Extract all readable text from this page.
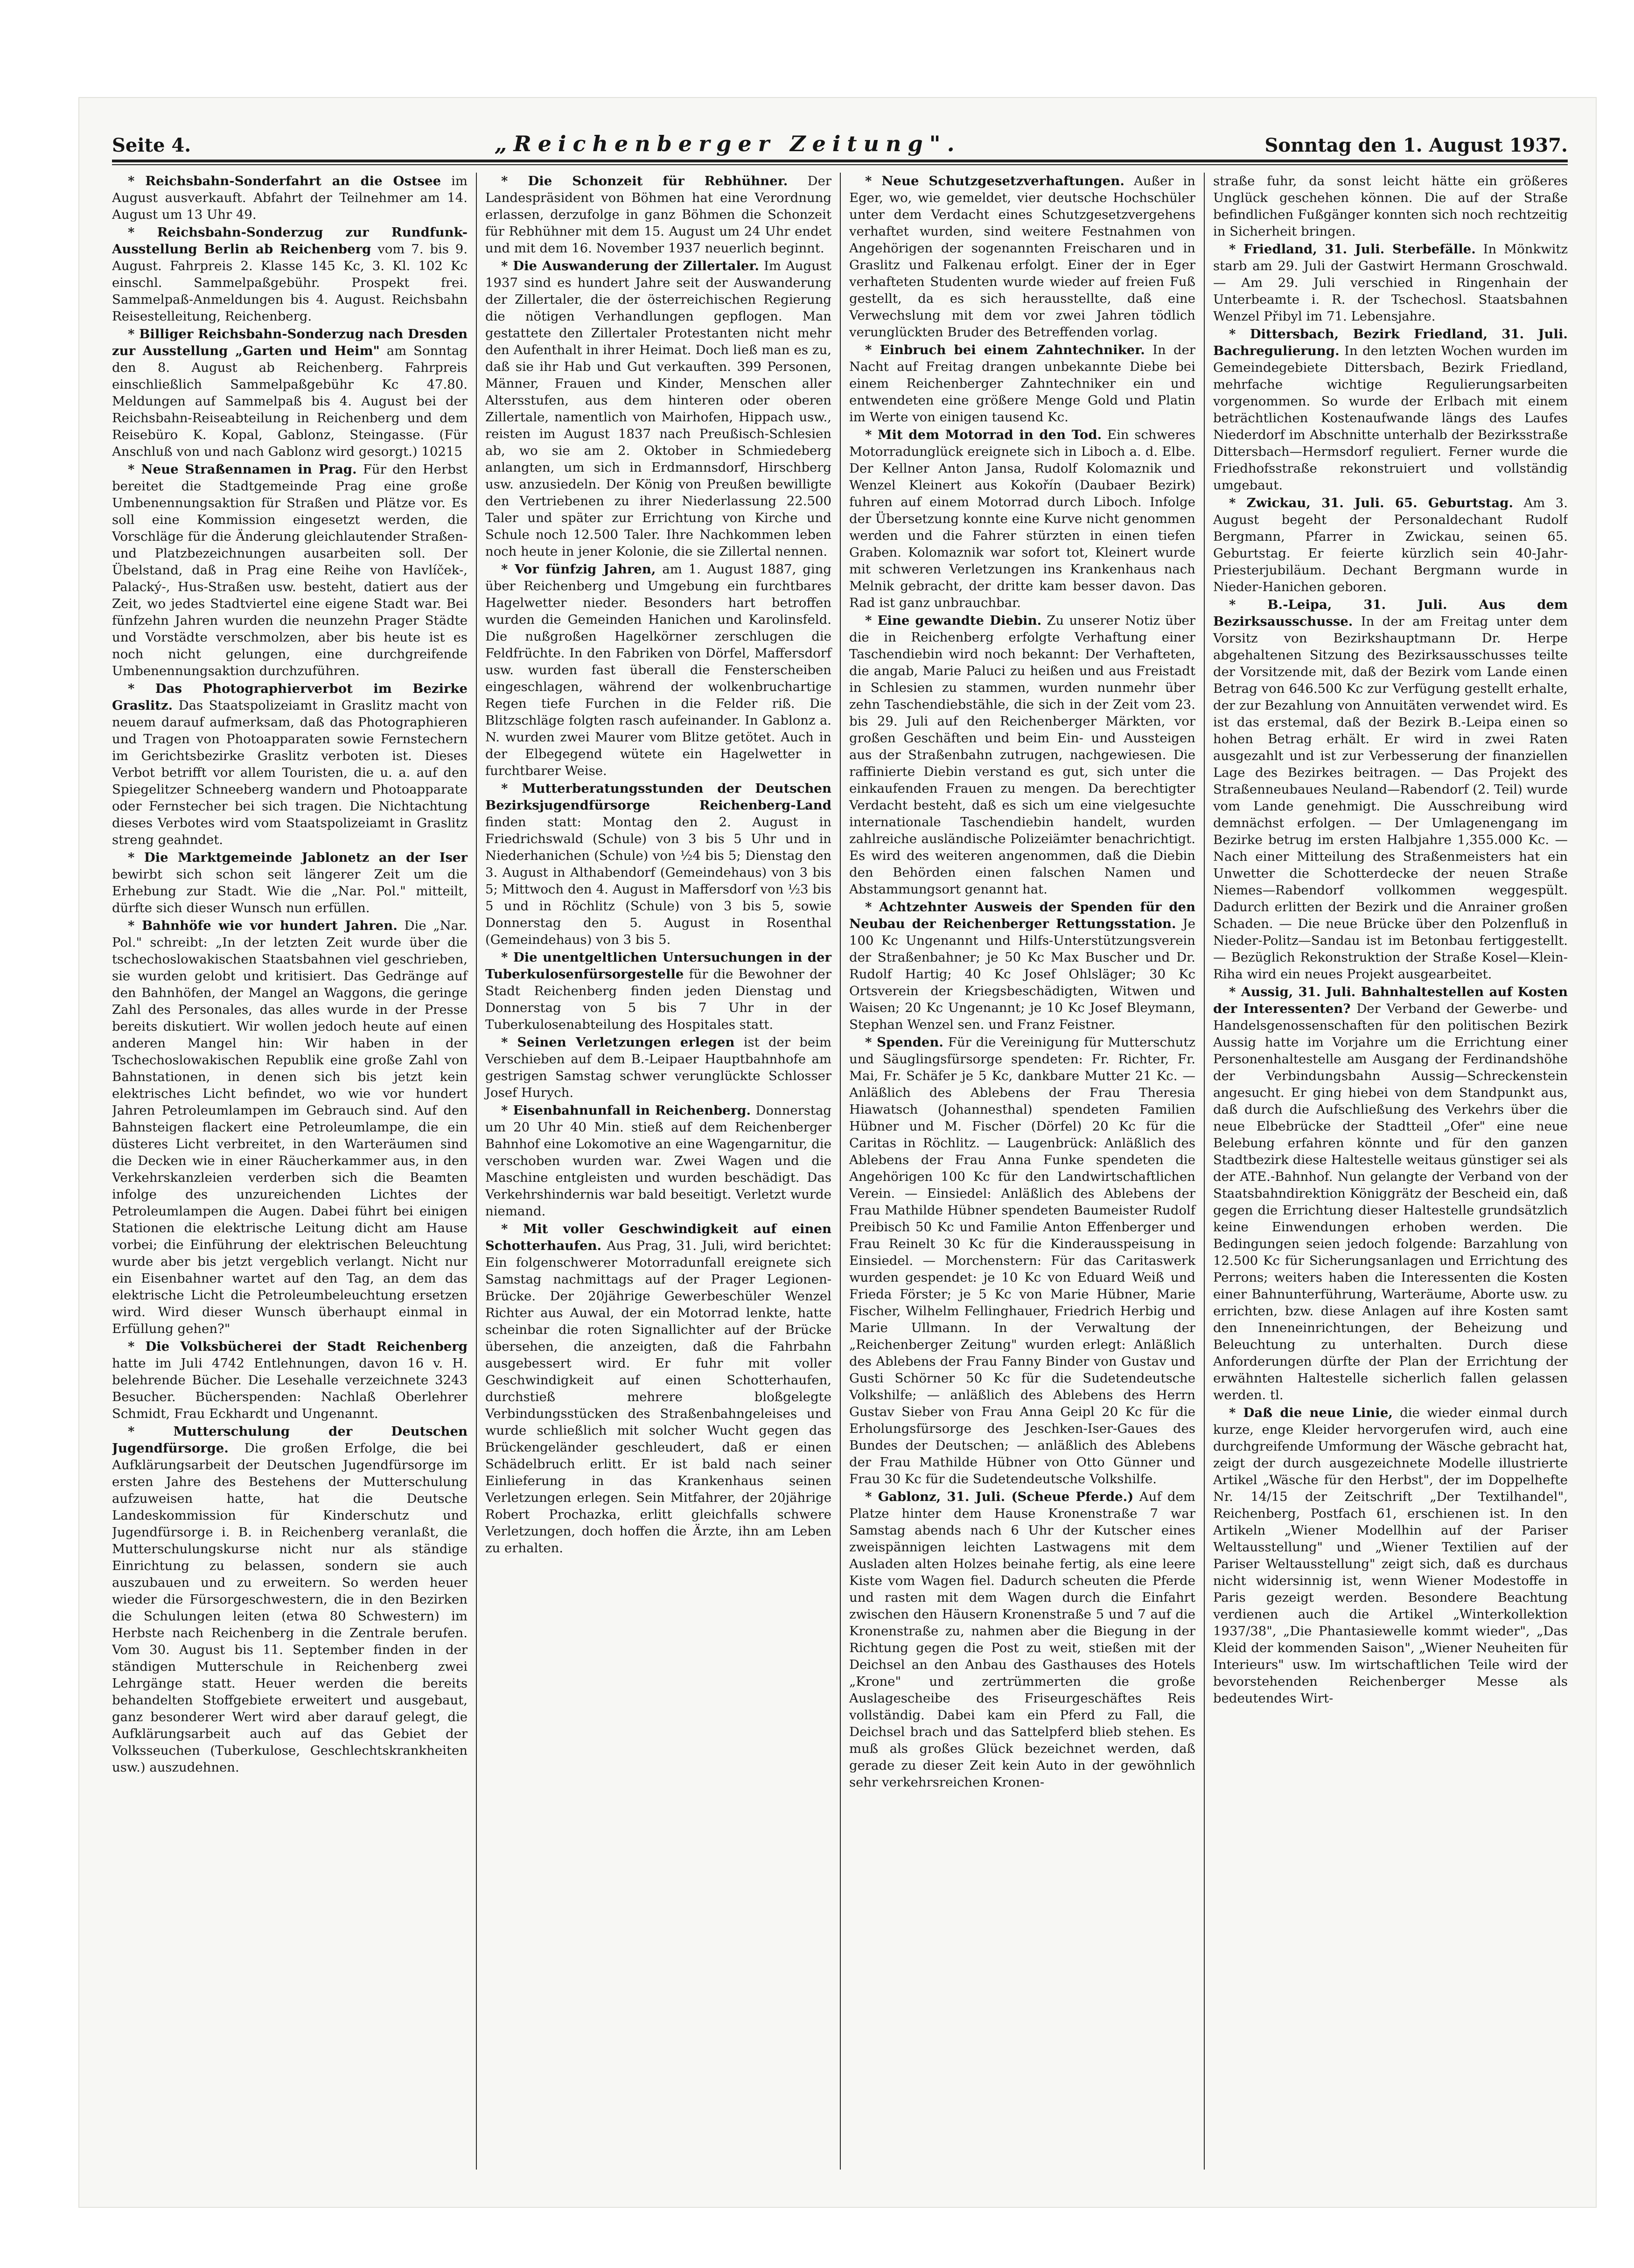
Seite 4.	„Reichenberger Zeitung".	Sonntag den 1. August 1937.

* Reichsbahn-Sonderfahrt an die Ostsee im August ausverkauft. Abfahrt der Teilnehmer am 14. August um 13 Uhr 49.

* Reichsbahn-Sonderzug zur Rundfunk-Ausstellung Berlin ab Reichenberg vom 7. bis 9. August. Fahrpreis 2. Klasse 145 Kc, 3. Kl. 102 Kc einschl. Sammelpaßgebühr. Prospekt frei. Sammelpaß-Anmeldungen bis 4. August. Reichsbahn Reisestelleitung, Reichenberg.

* Billiger Reichsbahn-Sonderzug nach Dresden zur Ausstellung „Garten und Heim" am Sonntag den 8. August ab Reichenberg. Fahrpreis einschließlich Sammelpaßgebühr Kc 47.80. Meldungen auf Sammelpaß bis 4. August bei der Reichsbahn-Reiseabteilung in Reichenberg und dem Reisebüro K. Kopal, Gablonz, Steingasse. (Für Anschluß von und nach Gablonz wird gesorgt.) 10215

* Neue Straßennamen in Prag. Für den Herbst bereitet die Stadtgemeinde Prag eine große Umbenennungsaktion für Straßen und Plätze vor. Es soll eine Kommission eingesetzt werden, die Vorschläge für die Änderung gleichlautender Straßen- und Platzbezeichnungen ausarbeiten soll. Der Übelstand, daß in Prag eine Reihe von Havlíček-, Palacký-, Hus-Straßen usw. besteht, datiert aus der Zeit, wo jedes Stadtviertel eine eigene Stadt war. Bei fünfzehn Jahren wurden die neunzehn Prager Städte und Vorstädte verschmolzen, aber bis heute ist es noch nicht gelungen, eine durchgreifende Umbenennungsaktion durchzuführen.

* Das Photographierverbot im Bezirke Graslitz. Das Staatspolizeiamt in Graslitz macht von neuem darauf aufmerksam, daß das Photographieren und Tragen von Photoapparaten sowie Fernstechern im Gerichtsbezirke Graslitz verboten ist. Dieses Verbot betrifft vor allem Touristen, die u. a. auf den Spiegelitzer Schneeberg wandern und Photoapparate oder Fernstecher bei sich tragen. Die Nichtachtung dieses Verbotes wird vom Staatspolizeiamt in Graslitz streng geahndet.

* Die Marktgemeinde Jablonetz an der Iser bewirbt sich schon seit längerer Zeit um die Erhebung zur Stadt. Wie die „Nar. Pol." mitteilt, dürfte sich dieser Wunsch nun erfüllen.

* Bahnhöfe wie vor hundert Jahren. Die „Nar. Pol." schreibt: „In der letzten Zeit wurde über die tschechoslowakischen Staatsbahnen viel geschrieben, sie wurden gelobt und kritisiert. Das Gedränge auf den Bahnhöfen, der Mangel an Waggons, die geringe Zahl des Personales, das alles wurde in der Presse bereits diskutiert. Wir wollen jedoch heute auf einen anderen Mangel hin: Wir haben in der Tschechoslowakischen Republik eine große Zahl von Bahnstationen, in denen sich bis jetzt kein elektrisches Licht befindet, wo wie vor hundert Jahren Petroleumlampen im Gebrauch sind. Auf den Bahnsteigen flackert eine Petroleumlampe, die ein düsteres Licht verbreitet, in den Warteräumen sind die Decken wie in einer Räucherkammer aus, in den Verkehrskanzleien verderben sich die Beamten infolge des unzureichenden Lichtes der Petroleumlampen die Augen. Dabei führt bei einigen Stationen die elektrische Leitung dicht am Hause vorbei; die Einführung der elektrischen Beleuchtung wurde aber bis jetzt vergeblich verlangt. Nicht nur ein Eisenbahner wartet auf den Tag, an dem das elektrische Licht die Petroleumbeleuchtung ersetzen wird. Wird dieser Wunsch überhaupt einmal in Erfüllung gehen?"

* Die Volksbücherei der Stadt Reichenberg hatte im Juli 4742 Entlehnungen, davon 16 v. H. belehrende Bücher. Die Lesehalle verzeichnete 3243 Besucher. Bücherspenden: Nachlaß Oberlehrer Schmidt, Frau Eckhardt und Ungenannt.

* Mutterschulung der Deutschen Jugendfürsorge. Die großen Erfolge, die bei Aufklärungsarbeit der Deutschen Jugendfürsorge im ersten Jahre des Bestehens der Mutterschulung aufzuweisen hatte, hat die Deutsche Landeskommission für Kinderschutz und Jugendfürsorge i. B. in Reichenberg veranlaßt, die Mutterschulungskurse nicht nur als ständige Einrichtung zu belassen, sondern sie auch auszubauen und zu erweitern. So werden heuer wieder die Fürsorgeschwestern, die in den Bezirken die Schulungen leiten (etwa 80 Schwestern) im Herbste nach Reichenberg in die Zentrale berufen. Vom 30. August bis 11. September finden in der ständigen Mutterschule in Reichenberg zwei Lehrgänge statt. Heuer werden die bereits behandelten Stoffgebiete erweitert und ausgebaut, ganz besonderer Wert wird aber darauf gelegt, die Aufklärungsarbeit auch auf das Gebiet der Volksseuchen (Tuberkulose, Geschlechtskrankheiten usw.) auszudehnen.

* Die Schonzeit für Rebhühner. Der Landespräsident von Böhmen hat eine Verordnung erlassen, derzufolge in ganz Böhmen die Schonzeit für Rebhühner mit dem 15. August um 24 Uhr endet und mit dem 16. November 1937 neuerlich beginnt.

* Die Auswanderung der Zillertaler. Im August 1937 sind es hundert Jahre seit der Auswanderung der Zillertaler, die der österreichischen Regierung die nötigen Verhandlungen gepflogen. Man gestattete den Zillertaler Protestanten nicht mehr den Aufenthalt in ihrer Heimat. Doch ließ man es zu, daß sie ihr Hab und Gut verkauften. 399 Personen, Männer, Frauen und Kinder, Menschen aller Altersstufen, aus dem hinteren oder oberen Zillertale, namentlich von Mairhofen, Hippach usw., reisten im August 1837 nach Preußisch-Schlesien ab, wo sie am 2. Oktober in Schmiedeberg anlangten, um sich in Erdmannsdorf, Hirschberg usw. anzusiedeln. Der König von Preußen bewilligte den Vertriebenen zu ihrer Niederlassung 22.500 Taler und später zur Errichtung von Kirche und Schule noch 12.500 Taler. Ihre Nachkommen leben noch heute in jener Kolonie, die sie Zillertal nennen.

* Vor fünfzig Jahren, am 1. August 1887, ging über Reichenberg und Umgebung ein furchtbares Hagelwetter nieder. Besonders hart betroffen wurden die Gemeinden Hanichen und Karolinsfeld. Die nußgroßen Hagelkörner zerschlugen die Feldfrüchte. In den Fabriken von Dörfel, Maffersdorf usw. wurden fast überall die Fensterscheiben eingeschlagen, während der wolkenbruchartige Regen tiefe Furchen in die Felder riß. Die Blitzschläge folgten rasch aufeinander. In Gablonz a. N. wurden zwei Maurer vom Blitze getötet. Auch in der Elbegegend wütete ein Hagelwetter in furchtbarer Weise.

* Mutterberatungsstunden der Deutschen Bezirksjugendfürsorge Reichenberg-Land finden statt: Montag den 2. August in Friedrichswald (Schule) von 3 bis 5 Uhr und in Niederhanichen (Schule) von ½4 bis 5; Dienstag den 3. August in Althabendorf (Gemeindehaus) von 3 bis 5; Mittwoch den 4. August in Maffersdorf von ½3 bis 5 und in Röchlitz (Schule) von 3 bis 5, sowie Donnerstag den 5. August in Rosenthal (Gemeindehaus) von 3 bis 5.

* Die unentgeltlichen Untersuchungen in der Tuberkulosenfürsorgestelle für die Bewohner der Stadt Reichenberg finden jeden Dienstag und Donnerstag von 5 bis 7 Uhr in der Tuberkulosenabteilung des Hospitales statt.

* Seinen Verletzungen erlegen ist der beim Verschieben auf dem B.-Leipaer Hauptbahnhofe am gestrigen Samstag schwer verunglückte Schlosser Josef Hurych.

* Eisenbahnunfall in Reichenberg. Donnerstag um 20 Uhr 40 Min. stieß auf dem Reichenberger Bahnhof eine Lokomotive an eine Wagengarnitur, die verschoben wurden war. Zwei Wagen und die Maschine entgleisten und wurden beschädigt. Das Verkehrshindernis war bald beseitigt. Verletzt wurde niemand.

* Mit voller Geschwindigkeit auf einen Schotterhaufen. Aus Prag, 31. Juli, wird berichtet: Ein folgenschwerer Motorradunfall ereignete sich Samstag nachmittags auf der Prager Legionen-Brücke. Der 20jährige Gewerbeschüler Wenzel Richter aus Auwal, der ein Motorrad lenkte, hatte scheinbar die roten Signallichter auf der Brücke übersehen, die anzeigten, daß die Fahrbahn ausgebessert wird. Er fuhr mit voller Geschwindigkeit auf einen Schotterhaufen, durchstieß mehrere bloßgelegte Verbindungsstücken des Straßenbahngeleises und wurde schließlich mit solcher Wucht gegen das Brückengeländer geschleudert, daß er einen Schädelbruch erlitt. Er ist bald nach seiner Einlieferung in das Krankenhaus seinen Verletzungen erlegen. Sein Mitfahrer, der 20jährige Robert Prochazka, erlitt gleichfalls schwere Verletzungen, doch hoffen die Ärzte, ihn am Leben zu erhalten.

* Neue Schutzgesetzverhaftungen. Außer in Eger, wo, wie gemeldet, vier deutsche Hochschüler unter dem Verdacht eines Schutzgesetzvergehens verhaftet wurden, sind weitere Festnahmen von Angehörigen der sogenannten Freischaren und in Graslitz und Falkenau erfolgt. Einer der in Eger verhafteten Studenten wurde wieder auf freien Fuß gestellt, da es sich herausstellte, daß eine Verwechslung mit dem vor zwei Jahren tödlich verunglückten Bruder des Betreffenden vorlag.

* Einbruch bei einem Zahntechniker. In der Nacht auf Freitag drangen unbekannte Diebe bei einem Reichenberger Zahntechniker ein und entwendeten eine größere Menge Gold und Platin im Werte von einigen tausend Kc.

* Mit dem Motorrad in den Tod. Ein schweres Motorradunglück ereignete sich in Liboch a. d. Elbe. Der Kellner Anton Jansa, Rudolf Kolomaznik und Wenzel Kleinert aus Kokořín (Daubaer Bezirk) fuhren auf einem Motorrad durch Liboch. Infolge der Übersetzung konnte eine Kurve nicht genommen werden und die Fahrer stürzten in einen tiefen Graben. Kolomaznik war sofort tot, Kleinert wurde mit schweren Verletzungen ins Krankenhaus nach Melnik gebracht, der dritte kam besser davon. Das Rad ist ganz unbrauchbar.

* Eine gewandte Diebin. Zu unserer Notiz über die in Reichenberg erfolgte Verhaftung einer Taschendiebin wird noch bekannt: Der Verhafteten, die angab, Marie Paluci zu heißen und aus Freistadt in Schlesien zu stammen, wurden nunmehr über zehn Taschendiebstähle, die sich in der Zeit vom 23. bis 29. Juli auf den Reichenberger Märkten, vor großen Geschäften und beim Ein- und Aussteigen aus der Straßenbahn zutrugen, nachgewiesen. Die raffinierte Diebin verstand es gut, sich unter die einkaufenden Frauen zu mengen. Da berechtigter Verdacht besteht, daß es sich um eine vielgesuchte internationale Taschendiebin handelt, wurden zahlreiche ausländische Polizeiämter benachrichtigt. Es wird des weiteren angenommen, daß die Diebin den Behörden einen falschen Namen und Abstammungsort genannt hat.

* Achtzehnter Ausweis der Spenden für den Neubau der Reichenberger Rettungsstation. Je 100 Kc Ungenannt und Hilfs-Unterstützungsverein der Straßenbahner; je 50 Kc Max Buscher und Dr. Rudolf Hartig; 40 Kc Josef Ohlsläger; 30 Kc Ortsverein der Kriegsbeschädigten, Witwen und Waisen; 20 Kc Ungenannt; je 10 Kc Josef Bleymann, Stephan Wenzel sen. und Franz Feistner.

* Spenden. Für die Vereinigung für Mutterschutz und Säuglingsfürsorge spendeten: Fr. Richter, Fr. Mai, Fr. Schäfer je 5 Kc, dankbare Mutter 21 Kc. — Anläßlich des Ablebens der Frau Theresia Hiawatsch (Johannesthal) spendeten Familien Hübner und M. Fischer (Dörfel) 20 Kc für die Caritas in Röchlitz. — Laugenbrück: Anläßlich des Ablebens der Frau Anna Funke spendeten die Angehörigen 100 Kc für den Landwirtschaftlichen Verein. — Einsiedel: Anläßlich des Ablebens der Frau Mathilde Hübner spendeten Baumeister Rudolf Preibisch 50 Kc und Familie Anton Effenberger und Frau Reinelt 30 Kc für die Kinderausspeisung in Einsiedel. — Morchenstern: Für das Caritaswerk wurden gespendet: je 10 Kc von Eduard Weiß und Frieda Förster; je 5 Kc von Marie Hübner, Marie Fischer, Wilhelm Fellinghauer, Friedrich Herbig und Marie Ullmann. In der Verwaltung der „Reichenberger Zeitung" wurden erlegt: Anläßlich des Ablebens der Frau Fanny Binder von Gustav und Gusti Schörner 50 Kc für die Sudetendeutsche Volkshilfe; — anläßlich des Ablebens des Herrn Gustav Sieber von Frau Anna Geipl 20 Kc für die Erholungsfürsorge des Jeschken-Iser-Gaues des Bundes der Deutschen; — anläßlich des Ablebens der Frau Mathilde Hübner von Otto Günner und Frau 30 Kc für die Sudetendeutsche Volkshilfe.

* Gablonz, 31. Juli. (Scheue Pferde.) Auf dem Platze hinter dem Hause Kronenstraße 7 war Samstag abends nach 6 Uhr der Kutscher eines zweispännigen leichten Lastwagens mit dem Ausladen alten Holzes beinahe fertig, als eine leere Kiste vom Wagen fiel. Dadurch scheuten die Pferde und rasten mit dem Wagen durch die Einfahrt zwischen den Häusern Kronenstraße 5 und 7 auf die Kronenstraße zu, nahmen aber die Biegung in der Richtung gegen die Post zu weit, stießen mit der Deichsel an den Anbau des Gasthauses des Hotels „Krone" und zertrümmerten die große Auslagescheibe des Friseurgeschäftes Reis vollständig. Dabei kam ein Pferd zu Fall, die Deichsel brach und das Sattelpferd blieb stehen. Es muß als großes Glück bezeichnet werden, daß gerade zu dieser Zeit kein Auto in der gewöhnlich sehr verkehrsreichen Kronen-

straße fuhr, da sonst leicht hätte ein größeres Unglück geschehen können. Die auf der Straße befindlichen Fußgänger konnten sich noch rechtzeitig in Sicherheit bringen.

* Friedland, 31. Juli. Sterbefälle. In Mönkwitz starb am 29. Juli der Gastwirt Hermann Groschwald. — Am 29. Juli verschied in Ringenhain der Unterbeamte i. R. der Tschechosl. Staatsbahnen Wenzel Přibyl im 71. Lebensjahre.

* Dittersbach, Bezirk Friedland, 31. Juli. Bachregulierung. In den letzten Wochen wurden im Gemeindegebiete Dittersbach, Bezirk Friedland, mehrfache wichtige Regulierungsarbeiten vorgenommen. So wurde der Erlbach mit einem beträchtlichen Kostenaufwande längs des Laufes Niederdorf im Abschnitte unterhalb der Bezirksstraße Dittersbach—Hermsdorf reguliert. Ferner wurde die Friedhofsstraße rekonstruiert und vollständig umgebaut.

* Zwickau, 31. Juli. 65. Geburtstag. Am 3. August begeht der Personaldechant Rudolf Bergmann, Pfarrer in Zwickau, seinen 65. Geburtstag. Er feierte kürzlich sein 40-Jahr-Priesterjubiläum. Dechant Bergmann wurde in Nieder-Hanichen geboren.

* B.-Leipa, 31. Juli. Aus dem Bezirksausschusse. In der am Freitag unter dem Vorsitz von Bezirkshauptmann Dr. Herpe abgehaltenen Sitzung des Bezirksausschusses teilte der Vorsitzende mit, daß der Bezirk vom Lande einen Betrag von 646.500 Kc zur Verfügung gestellt erhalte, der zur Bezahlung von Annuitäten verwendet wird. Es ist das erstemal, daß der Bezirk B.-Leipa einen so hohen Betrag erhält. Er wird in zwei Raten ausgezahlt und ist zur Verbesserung der finanziellen Lage des Bezirkes beitragen. — Das Projekt des Straßenneubaues Neuland—Rabendorf (2. Teil) wurde vom Lande genehmigt. Die Ausschreibung wird demnächst erfolgen. — Der Umlagenengang im Bezirke betrug im ersten Halbjahre 1,355.000 Kc. — Nach einer Mitteilung des Straßenmeisters hat ein Unwetter die Schotterdecke der neuen Straße Niemes—Rabendorf vollkommen weggespült. Dadurch erlitten der Bezirk und die Anrainer großen Schaden. — Die neue Brücke über den Polzenfluß in Nieder-Politz—Sandau ist im Betonbau fertiggestellt. — Bezüglich Rekonstruktion der Straße Kosel—Klein-Riha wird ein neues Projekt ausgearbeitet.

* Aussig, 31. Juli. Bahnhaltestellen auf Kosten der Interessenten? Der Verband der Gewerbe- und Handelsgenossenschaften für den politischen Bezirk Aussig hatte im Vorjahre um die Errichtung einer Personenhaltestelle am Ausgang der Ferdinandshöhe der Verbindungsbahn Aussig—Schreckenstein angesucht. Er ging hiebei von dem Standpunkt aus, daß durch die Aufschließung des Verkehrs über die neue Elbebrücke der Stadtteil „Ofer" eine neue Belebung erfahren könnte und für den ganzen Stadtbezirk diese Haltestelle weitaus günstiger sei als der ATE.-Bahnhof. Nun gelangte der Verband von der Staatsbahndirektion Königgrätz der Bescheid ein, daß gegen die Errichtung dieser Haltestelle grundsätzlich keine Einwendungen erhoben werden. Die Bedingungen seien jedoch folgende: Barzahlung von 12.500 Kc für Sicherungsanlagen und Errichtung des Perrons; weiters haben die Interessenten die Kosten einer Bahnunterführung, Warteräume, Aborte usw. zu errichten, bzw. diese Anlagen auf ihre Kosten samt den Inneneinrichtungen, der Beheizung und Beleuchtung zu unterhalten. Durch diese Anforderungen dürfte der Plan der Errichtung der erwähnten Haltestelle sicherlich fallen gelassen werden. tl.

* Daß die neue Linie, die wieder einmal durch kurze, enge Kleider hervorgerufen wird, auch eine durchgreifende Umformung der Wäsche gebracht hat, zeigt der durch ausgezeichnete Modelle illustrierte Artikel „Wäsche für den Herbst", der im Doppelhefte Nr. 14/15 der Zeitschrift „Der Textilhandel", Reichenberg, Postfach 61, erschienen ist. In den Artikeln „Wiener Modellhin auf der Pariser Weltausstellung" und „Wiener Textilien auf der Pariser Weltausstellung" zeigt sich, daß es durchaus nicht widersinnig ist, wenn Wiener Modestoffe in Paris gezeigt werden. Besondere Beachtung verdienen auch die Artikel „Winterkollektion 1937/38", „Die Phantasiewelle kommt wieder", „Das Kleid der kommenden Saison", „Wiener Neuheiten für Interieurs" usw. Im wirtschaftlichen Teile wird der bevorstehenden Reichenberger Messe als bedeutendes Wirt-
